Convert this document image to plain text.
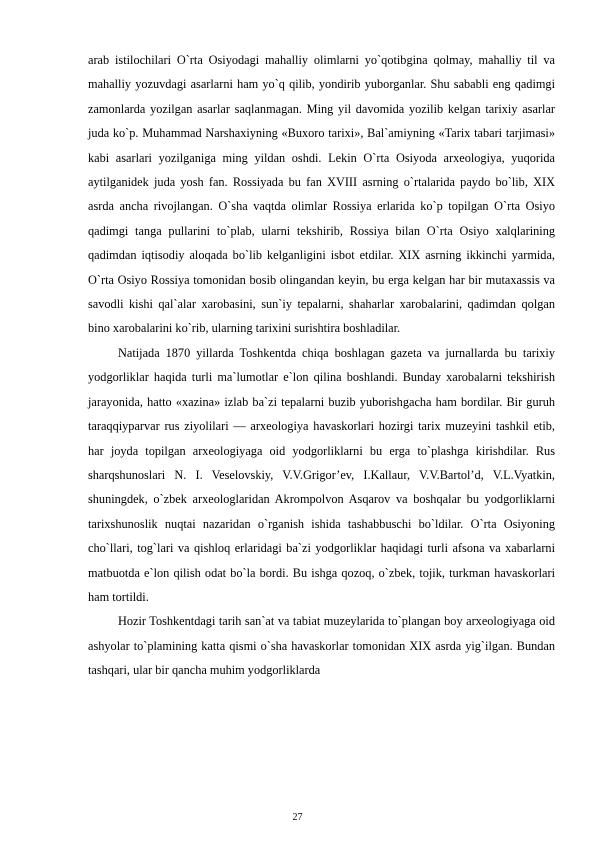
arab istilochilari O`rta Osiyodagi mahalliy olimlarni yo`qotibgina qolmay, mahalliy til va mahalliy yozuvdagi asarlarni ham yo`q qilib, yondirib yuborganlar. Shu sababli eng qadimgi zamonlarda yozilgan asarlar saqlanmagan. Ming yil davomida yozilib kelgan tarixiy asarlar juda ko`p. Muhammad Narshaxiyning «Buxoro tarixi», Bal`amiyning «Tarix tabari tarjimasi» kabi asarlari yozilganiga ming yildan oshdi. Lekin O`rta Osiyoda arxeologiya, yuqorida aytilganidek juda yosh fan. Rossiyada bu fan XVIII asrning o`rtalarida paydo bo`lib, XIX asrda ancha rivojlangan. O`sha vaqtda olimlar Rossiya erlarida ko`p topilgan O`rta Osiyo qadimgi tanga pullarini to`plab, ularni tekshirib, Rossiya bilan O`rta Osiyo xalqlarining qadimdan iqtisodiy aloqada bo`lib kelganligini isbot etdilar. XIX asrning ikkinchi yarmida, O`rta Osiyo Rossiya tomonidan bosib olingandan keyin, bu erga kelgan har bir mutaxassis va savodli kishi qal`alar xarobasini, sun`iy tepalarni, shaharlar xarobalarini, qadimdan qolgan bino xarobalarini ko`rib, ularning tarixini surishtira boshladilar.

Natijada 1870 yillarda Toshkentda chiqa boshlagan gazeta va jurnallarda bu tarixiy yodgorliklar haqida turli ma`lumotlar e`lon qilina boshlandi. Bunday xarobalarni tekshirish jarayonida, hatto «xazina» izlab ba`zi tepalarni buzib yuborishgacha ham bordilar. Bir guruh taraqqiyparvar rus ziyolilari — arxeologiya havaskorlari hozirgi tarix muzeyini tashkil etib, har joyda topilgan arxeologiyaga oid yodgorliklarni bu erga to`plashga kirishdilar. Rus sharqshunoslari N. I. Veselovskiy, V.V.Grigor’ev, I.Kallaur, V.V.Bartol’d, V.L.Vyatkin, shuningdek, o`zbek arxeologlaridan Akrompolvon Asqarov va boshqalar bu yodgorliklarni tarixshunoslik nuqtai nazaridan o`rganish ishida tashabbuschi bo`ldilar. O`rta Osiyoning cho`llari, tog`lari va qishloq erlaridagi ba`zi yodgorliklar haqidagi turli afsona va xabarlarni matbuotda e`lon qilish odat bo`la bordi. Bu ishga qozoq, o`zbek, tojik, turkman havaskorlari ham tortildi.

Hozir Toshkentdagi tarih san`at va tabiat muzeylarida to`plangan boy arxeologiyaga oid ashyolar to`plamining katta qismi o`sha havaskorlar tomonidan XIX asrda yig`ilgan. Bundan tashqari, ular bir qancha muhim yodgorliklarda

27
